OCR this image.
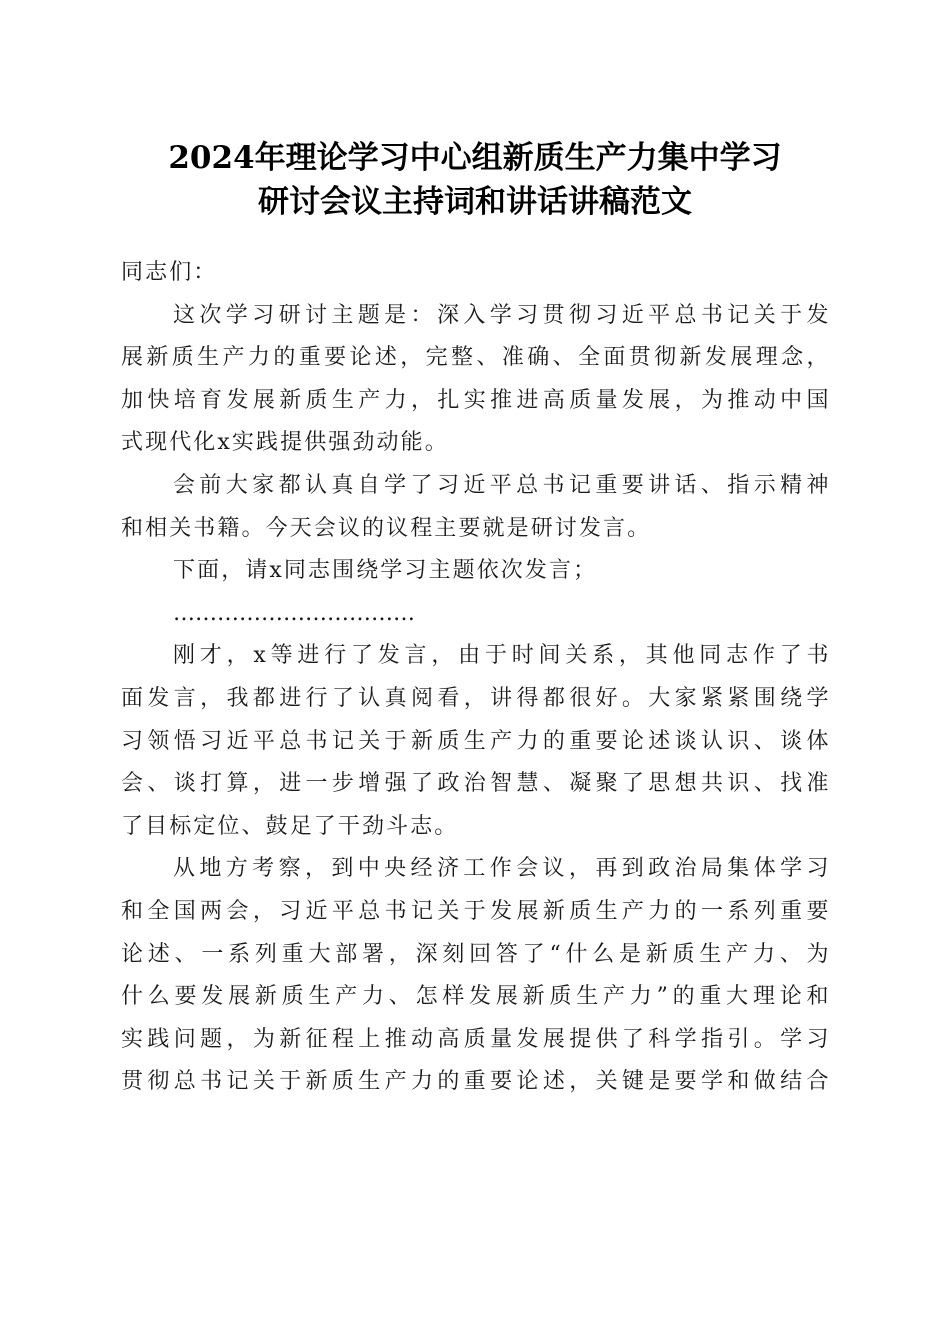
2024年理论学习中心组新质生产力集中学习
研讨会议主持词和讲话讲稿范文
同志们：
这次学习研讨主题是：深入学习贯彻习近平总书记关于发
展新质生产力的重要论述，完整、准确、全面贯彻新发展理念，
加快培育发展新质生产力，扎实推进高质量发展，为推动中国
式现代化x实践提供强劲动能。
会前大家都认真自学了习近平总书记重要讲话、指示精神
和相关书籍。今天会议的议程主要就是研讨发言。
下面，请x同志围绕学习主题依次发言；
……………………………
刚才，x等进行了发言，由于时间关系，其他同志作了书
面发言，我都进行了认真阅看，讲得都很好。大家紧紧围绕学
习领悟习近平总书记关于新质生产力的重要论述谈认识、谈体
会、谈打算，进一步增强了政治智慧、凝聚了思想共识、找准
了目标定位、鼓足了干劲斗志。
从地方考察，到中央经济工作会议，再到政治局集体学习
和全国两会，习近平总书记关于发展新质生产力的一系列重要
论述、一系列重大部署，深刻回答了“什么是新质生产力、为
什么要发展新质生产力、怎样发展新质生产力”的重大理论和
实践问题，为新征程上推动高质量发展提供了科学指引。学习
贯彻总书记关于新质生产力的重要论述，关键是要学和做结合
